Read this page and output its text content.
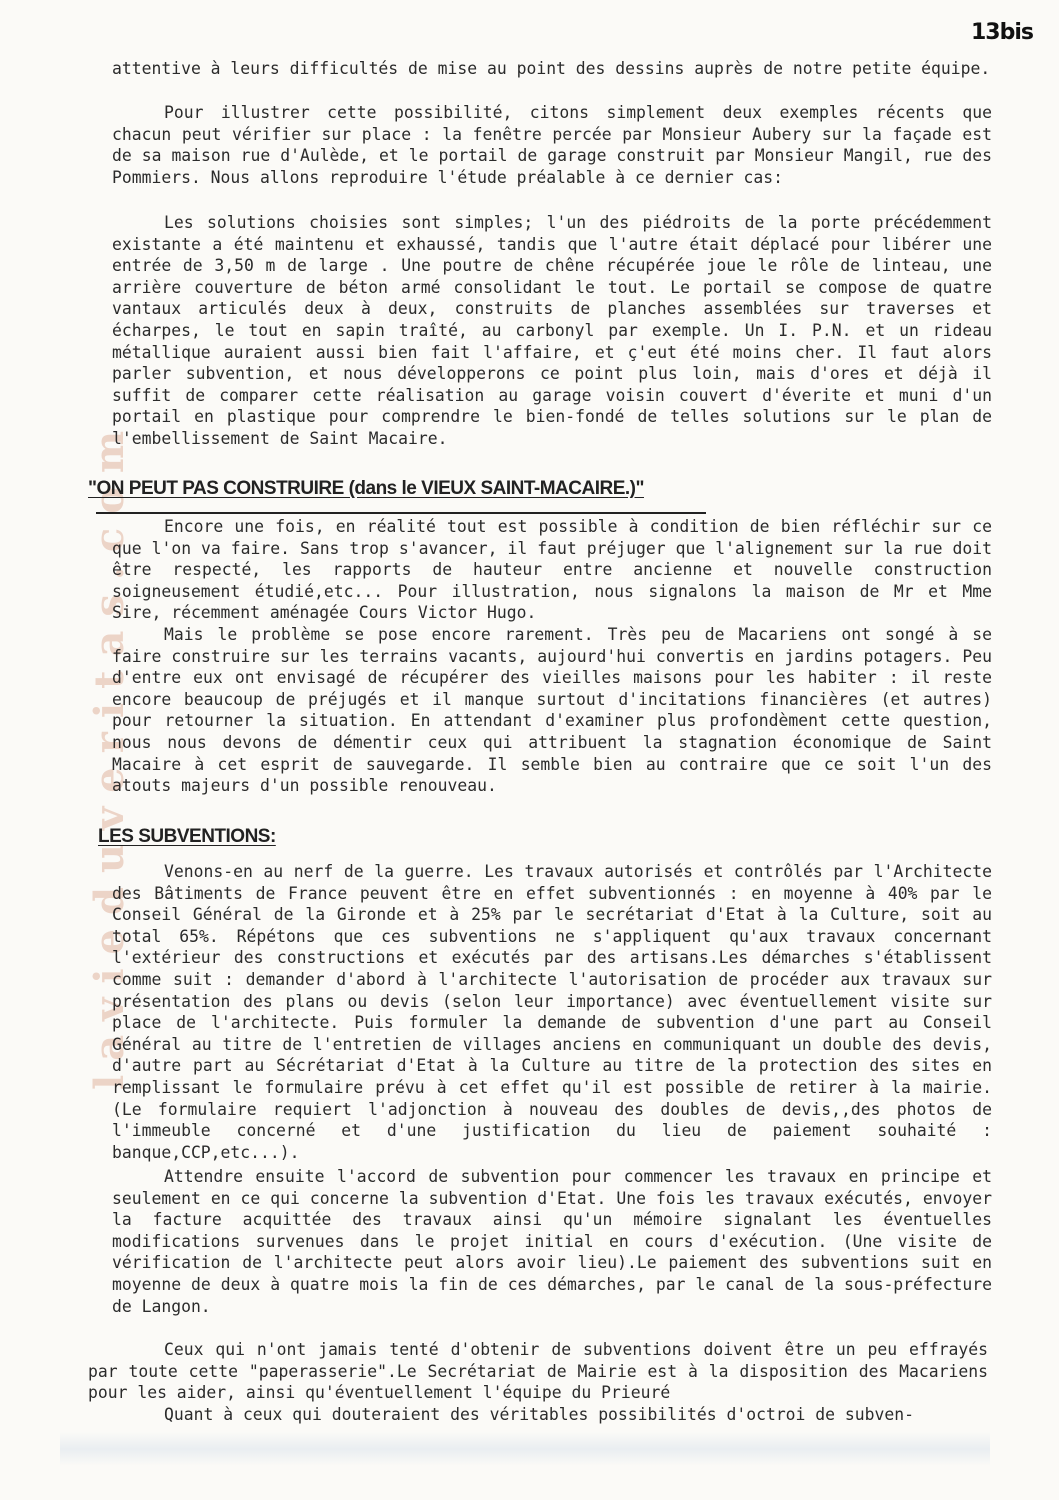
13bis
lavieduveritas.com

attentive à leurs difficultés de mise au point des dessins auprès de notre petite équipe.

Pour illustrer cette possibilité, citons simplement deux exemples récents que chacun peut vérifier sur place : la fenêtre percée par Monsieur Aubery sur la façade est de sa maison rue d'Aulède, et le portail de garage construit par Monsieur Mangil, rue des Pommiers. Nous allons reproduire l'étude préalable à ce dernier cas:

Les solutions choisies sont simples; l'un des piédroits de la porte précédemment existante a été maintenu et exhaussé, tandis que l'autre était déplacé pour libérer une entrée de 3,50 m de large . Une poutre de chêne récupérée joue le rôle de linteau, une arrière couverture de béton armé consolidant le tout. Le portail se compose de quatre vantaux articulés deux à deux, construits de planches assemblées sur traverses et écharpes, le tout en sapin traîté, au carbonyl par exemple. Un I. P.N. et un rideau métallique auraient aussi bien fait l'affaire, et ç'eut été moins cher. Il faut alors parler subvention, et nous développerons ce point plus loin, mais d'ores et déjà il suffit de comparer cette réalisation au garage voisin couvert d'éverite et muni d'un portail en plastique pour comprendre le bien-fondé de telles solutions sur le plan de l'embellissement de Saint Macaire.

"ON PEUT PAS CONSTRUIRE (dans le VIEUX SAINT-MACAIRE.)"

Encore une fois, en réalité tout est possible à condition de bien réfléchir sur ce que l'on va faire. Sans trop s'avancer, il faut préjuger que l'alignement sur la rue doit être respecté, les rapports de hauteur entre ancienne et nouvelle construction soigneusement étudié,etc... Pour illustration, nous signalons la maison de Mr et Mme Sire, récemment aménagée Cours Victor Hugo.

Mais le problème se pose encore rarement. Très peu de Macariens ont songé à se faire construire sur les terrains vacants, aujourd'hui convertis en jardins potagers. Peu d'entre eux ont envisagé de récupérer des vieilles maisons pour les habiter : il reste encore beaucoup de préjugés et il manque surtout d'incitations financières (et autres) pour retourner la situation. En attendant d'examiner plus profondèment cette question, nous nous devons de démentir ceux qui attribuent la stagnation économique de Saint Macaire à cet esprit de sauvegarde. Il semble bien au contraire que ce soit l'un des atouts majeurs d'un possible renouveau.

LES SUBVENTIONS:

Venons-en au nerf de la guerre. Les travaux autorisés et contrôlés par l'Architecte des Bâtiments de France peuvent être en effet subventionnés : en moyenne à 40% par le Conseil Général de la Gironde et à 25% par le secrétariat d'Etat à la Culture, soit au total 65%. Répétons que ces subventions ne s'appliquent qu'aux travaux concernant l'extérieur des constructions et exécutés par des artisans.Les démarches s'établissent comme suit : demander d'abord à l'architecte l'autorisation de procéder aux travaux sur présentation des plans ou devis (selon leur importance) avec éventuellement visite sur place de l'architecte. Puis formuler la demande de subvention d'une part au Conseil Général au titre de l'entretien de villages anciens en communiquant un double des devis, d'autre part au Sécrétariat d'Etat à la Culture au titre de la protection des sites en remplissant le formulaire prévu à cet effet qu'il est possible de retirer à la mairie. (Le formulaire requiert l'adjonction à nouveau des doubles de devis,,des photos de l'immeuble concerné et d'une justification du lieu de paiement souhaité : banque,CCP,etc...).

Attendre ensuite l'accord de subvention pour commencer les travaux en principe et seulement en ce qui concerne la subvention d'Etat. Une fois les travaux exécutés, envoyer la facture acquittée des travaux ainsi qu'un mémoire signalant les éventuelles modifications survenues dans le projet initial en cours d'exécution. (Une visite de vérification de l'architecte peut alors avoir lieu).Le paiement des subventions suit en moyenne de deux à quatre mois la fin de ces démarches, par le canal de la sous-préfecture de Langon.

Ceux qui n'ont jamais tenté d'obtenir de subventions doivent être un peu effrayés par toute cette "paperasserie".Le Secrétariat de Mairie est à la disposition des Macariens pour les aider, ainsi qu'éventuellement l'équipe du Prieuré

Quant à ceux qui douteraient des véritables possibilités d'octroi de subven-
